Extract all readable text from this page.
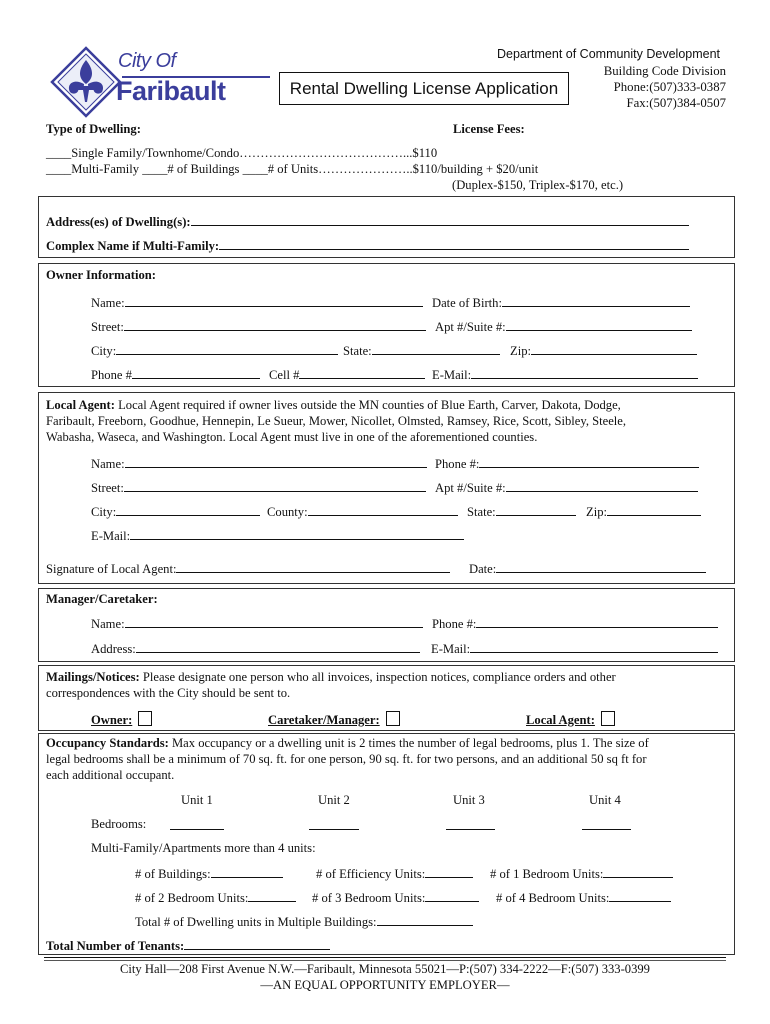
City Of
Faribault	Rental Dwelling License Application
Department of Community Development
Building Code Division
Phone:(507)333-0387
Fax:(507)384-0507
Type of Dwelling:	License Fees:
____Single Family/Townhome/Condo…………………………………...$110
____Multi-Family ____# of Buildings ____# of Units…………………..$110/building + $20/unit
(Duplex-$150, Triplex-$170, etc.)
Address(es) of Dwelling(s):
Complex Name if Multi-Family:
Owner Information:
Name:	Date of Birth:
Street:	Apt #/Suite #:
City:	State:	Zip:
Phone #	Cell #	E-Mail:
Local Agent: Local Agent required if owner lives outside the MN counties of Blue Earth, Carver, Dakota, Dodge,
Faribault, Freeborn, Goodhue, Hennepin, Le Sueur, Mower, Nicollet, Olmsted, Ramsey, Rice, Scott, Sibley, Steele,
Wabasha, Waseca, and Washington. Local Agent must live in one of the aforementioned counties.
Name:	Phone #:
Street:	Apt #/Suite #:
City:	County:	State:	Zip:
E-Mail:
Signature of Local Agent:	Date:
Manager/Caretaker:
Name:	Phone #:
Address:	E-Mail:
Mailings/Notices: Please designate one person who all invoices, inspection notices, compliance orders and other
correspondences with the City should be sent to.
Owner:	Caretaker/Manager:	Local Agent:
Occupancy Standards: Max occupancy or a dwelling unit is 2 times the number of legal bedrooms, plus 1. The size of
legal bedrooms shall be a minimum of 70 sq. ft. for one person, 90 sq. ft. for two persons, and an additional 50 sq ft for
each additional occupant.
Unit 1	Unit 2	Unit 3	Unit 4
Bedrooms:
Multi-Family/Apartments more than 4 units:
# of Buildings:	# of Efficiency Units:	# of 1 Bedroom Units:
# of 2 Bedroom Units:	# of 3 Bedroom Units:	# of 4 Bedroom Units:
Total # of Dwelling units in Multiple Buildings:
Total Number of Tenants:
City Hall—208 First Avenue N.W.—Faribault, Minnesota 55021—P:(507) 334-2222—F:(507) 333-0399
—AN EQUAL OPPORTUNITY EMPLOYER—
